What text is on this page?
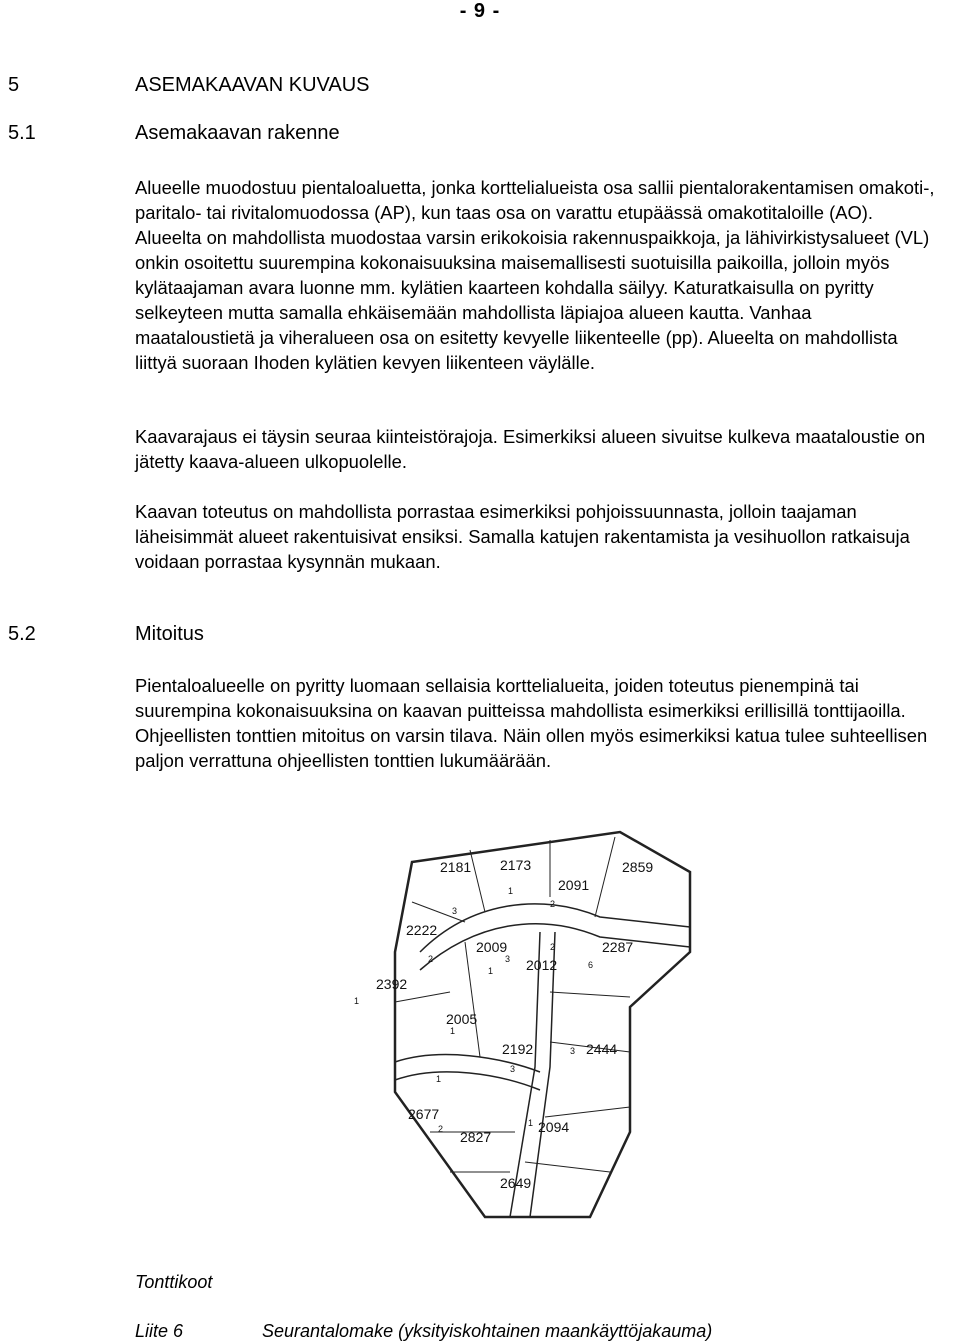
- 9 -
5	ASEMAKAAVAN KUVAUS
5.1	Asemakaavan rakenne

Alueelle muodostuu pientaloaluetta, jonka korttelialueista osa sallii pientalorakentamisen omakoti-, paritalo- tai rivitalomuodossa (AP), kun taas osa on varattu etupäässä omakotitaloille (AO). Alueelta on mahdollista muodostaa varsin erikokoisia rakennuspaikkoja, ja lähivirkistysalueet (VL) onkin osoitettu suurempina kokonaisuuksina maisemallisesti suotuisilla paikoilla, jolloin myös kylätaajaman avara luonne mm. kylätien kaarteen kohdalla säilyy. Katuratkaisulla on pyritty selkeyteen mutta samalla ehkäisemään mahdollista läpiajoa alueen kautta. Vanhaa maataloustietä ja viheralueen osa on esitetty kevyelle liikenteelle (pp). Alueelta on mahdollista liittyä suoraan Ihoden kylätien kevyen liikenteen väylälle.

Kaavarajaus ei täysin seuraa kiinteistörajoja. Esimerkiksi alueen sivuitse kulkeva maataloustie on jätetty kaava-alueen ulkopuolelle.

Kaavan toteutus on mahdollista porrastaa esimerkiksi pohjoissuunnasta, jolloin taajaman läheisimmät alueet rakentuisivat ensiksi. Samalla katujen rakentamista ja vesihuollon ratkaisuja voidaan porrastaa kysynnän mukaan.

5.2	Mitoitus

Pientaloalueelle on pyritty luomaan sellaisia korttelialueita, joiden toteutus pienempinä tai suurempina kokonaisuuksina on kaavan puitteissa mahdollista esimerkiksi erillisillä tonttijaoilla. Ohjeellisten tonttien mitoitus on varsin tilava. Näin ollen myös esimerkiksi katua tulee suhteellisen paljon verrattuna ohjeellisten tonttien lukumäärään.

2181 2173
2091
2859
2222
2009	2287
2012
2392
2005
2192	2444
2677
2827
2094
2649
1
2
3
2
1
3
2
6
1
1
3
1
3
2
1
Tonttikoot
Liite 6	Seurantalomake (yksityiskohtainen maankäyttöjakauma)
